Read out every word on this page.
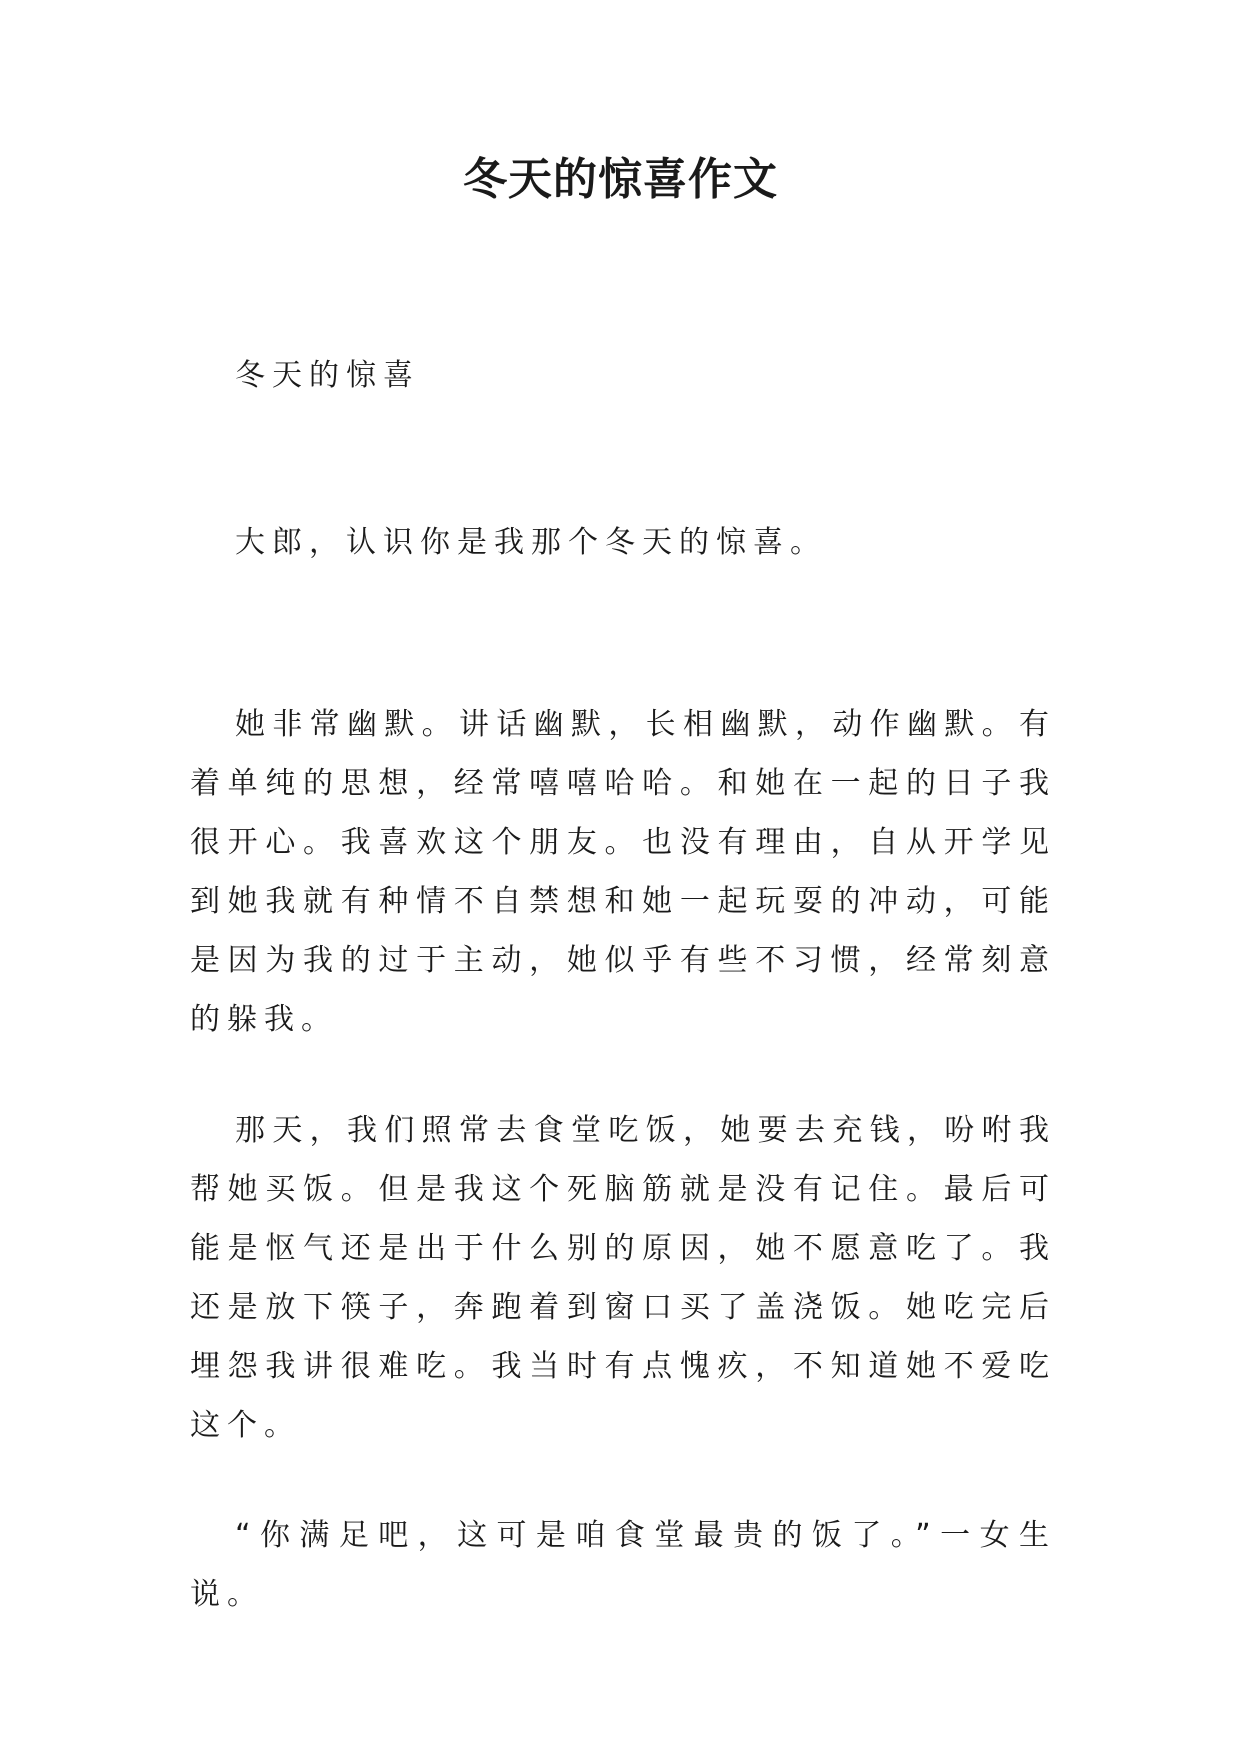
冬天的惊喜作文

冬天的惊喜

大郎，认识你是我那个冬天的惊喜。

她非常幽默。讲话幽默，长相幽默，动作幽默。有着单纯的思想，经常嘻嘻哈哈。和她在一起的日子我很开心。我喜欢这个朋友。也没有理由，自从开学见到她我就有种情不自禁想和她一起玩耍的冲动，可能是因为我的过于主动，她似乎有些不习惯，经常刻意的躲我。

那天，我们照常去食堂吃饭，她要去充钱，吩咐我帮她买饭。但是我这个死脑筋就是没有记住。最后可能是怄气还是出于什么别的原因，她不愿意吃了。我还是放下筷子，奔跑着到窗口买了盖浇饭。她吃完后埋怨我讲很难吃。我当时有点愧疚，不知道她不爱吃这个。

“你满足吧，这可是咱食堂最贵的饭了。”一女生说。
